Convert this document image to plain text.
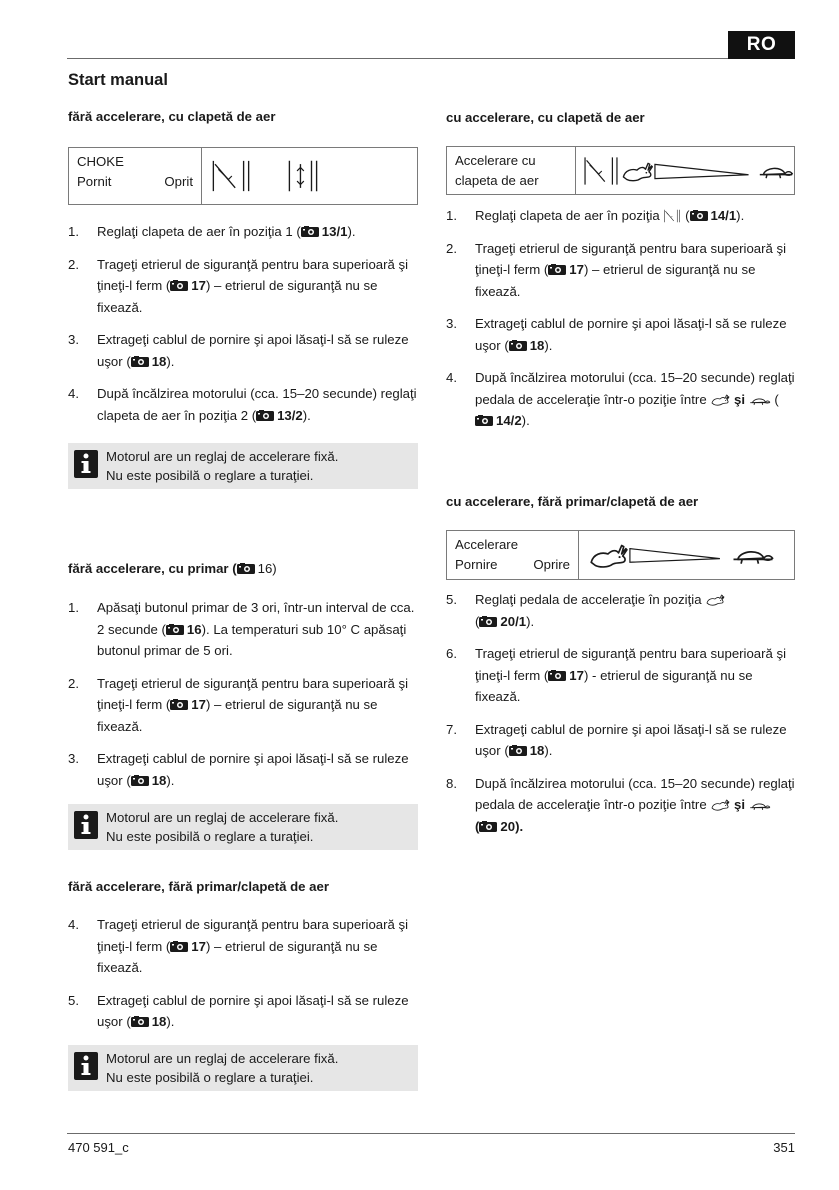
RO
Start manual
fără accelerare, cu clapetă de aer
CHOKE
Pornit	Oprit
1. Reglaţi clapeta de aer în poziţia 1 ( 13/1).
2. Trageţi etrierul de siguranţă pentru bara superioară şi ţineţi-l ferm ( 17) – etrierul de siguranţă nu se fixează.
3. Extrageţi cablul de pornire şi apoi lăsaţi-l să se ruleze uşor ( 18).
4. După încălzirea motorului (cca. 15–20 secunde) reglaţi clapeta de aer în poziţia 2 ( 13/2).
Motorul are un reglaj de accelerare fixă.
Nu este posibilă o reglare a turaţiei.
fără accelerare, cu primar ( 16)
1. Apăsaţi butonul primar de 3 ori, într-un interval de cca. 2 secunde ( 16). La temperaturi sub 10° C apăsaţi butonul primar de 5 ori.
2. Trageţi etrierul de siguranţă pentru bara superioară şi ţineţi-l ferm ( 17) – etrierul de siguranţă nu se fixează.
3. Extrageţi cablul de pornire şi apoi lăsaţi-l să se ruleze uşor ( 18).
Motorul are un reglaj de accelerare fixă.
Nu este posibilă o reglare a turaţiei.
fără accelerare, fără primar/clapetă de aer
4. Trageţi etrierul de siguranţă pentru bara superioară şi ţineţi-l ferm ( 17) – etrierul de siguranţă nu se fixează.
5. Extrageţi cablul de pornire şi apoi lăsaţi-l să se ruleze uşor ( 18).
Motorul are un reglaj de accelerare fixă.
Nu este posibilă o reglare a turaţiei.
cu accelerare, cu clapetă de aer
Accelerare cu
clapeta de aer
1. Reglaţi clapeta de aer în poziţia ( 14/1).
2. Trageţi etrierul de siguranţă pentru bara superioară şi ţineţi-l ferm ( 17) – etrierul de siguranţă nu se fixează.
3. Extrageţi cablul de pornire şi apoi lăsaţi-l să se ruleze uşor ( 18).
4. După încălzirea motorului (cca. 15–20 secunde) reglaţi pedala de acceleraţie într-o poziţie între şi (14/2).
cu accelerare, fără primar/clapetă de aer
Accelerare
Pornire	Oprire
5. Reglaţi pedala de acceleraţie în poziţia
( 20/1).
6. Trageţi etrierul de siguranţă pentru bara superioară şi ţineţi-l ferm ( 17) - etrierul de siguranţă nu se fixează.
7. Extrageţi cablul de pornire şi apoi lăsaţi-l să se ruleze uşor ( 18).
8. După încălzirea motorului (cca. 15–20 secunde) reglaţi pedala de acceleraţie într-o poziţie între şi  ( 20).
470 591_c	351
